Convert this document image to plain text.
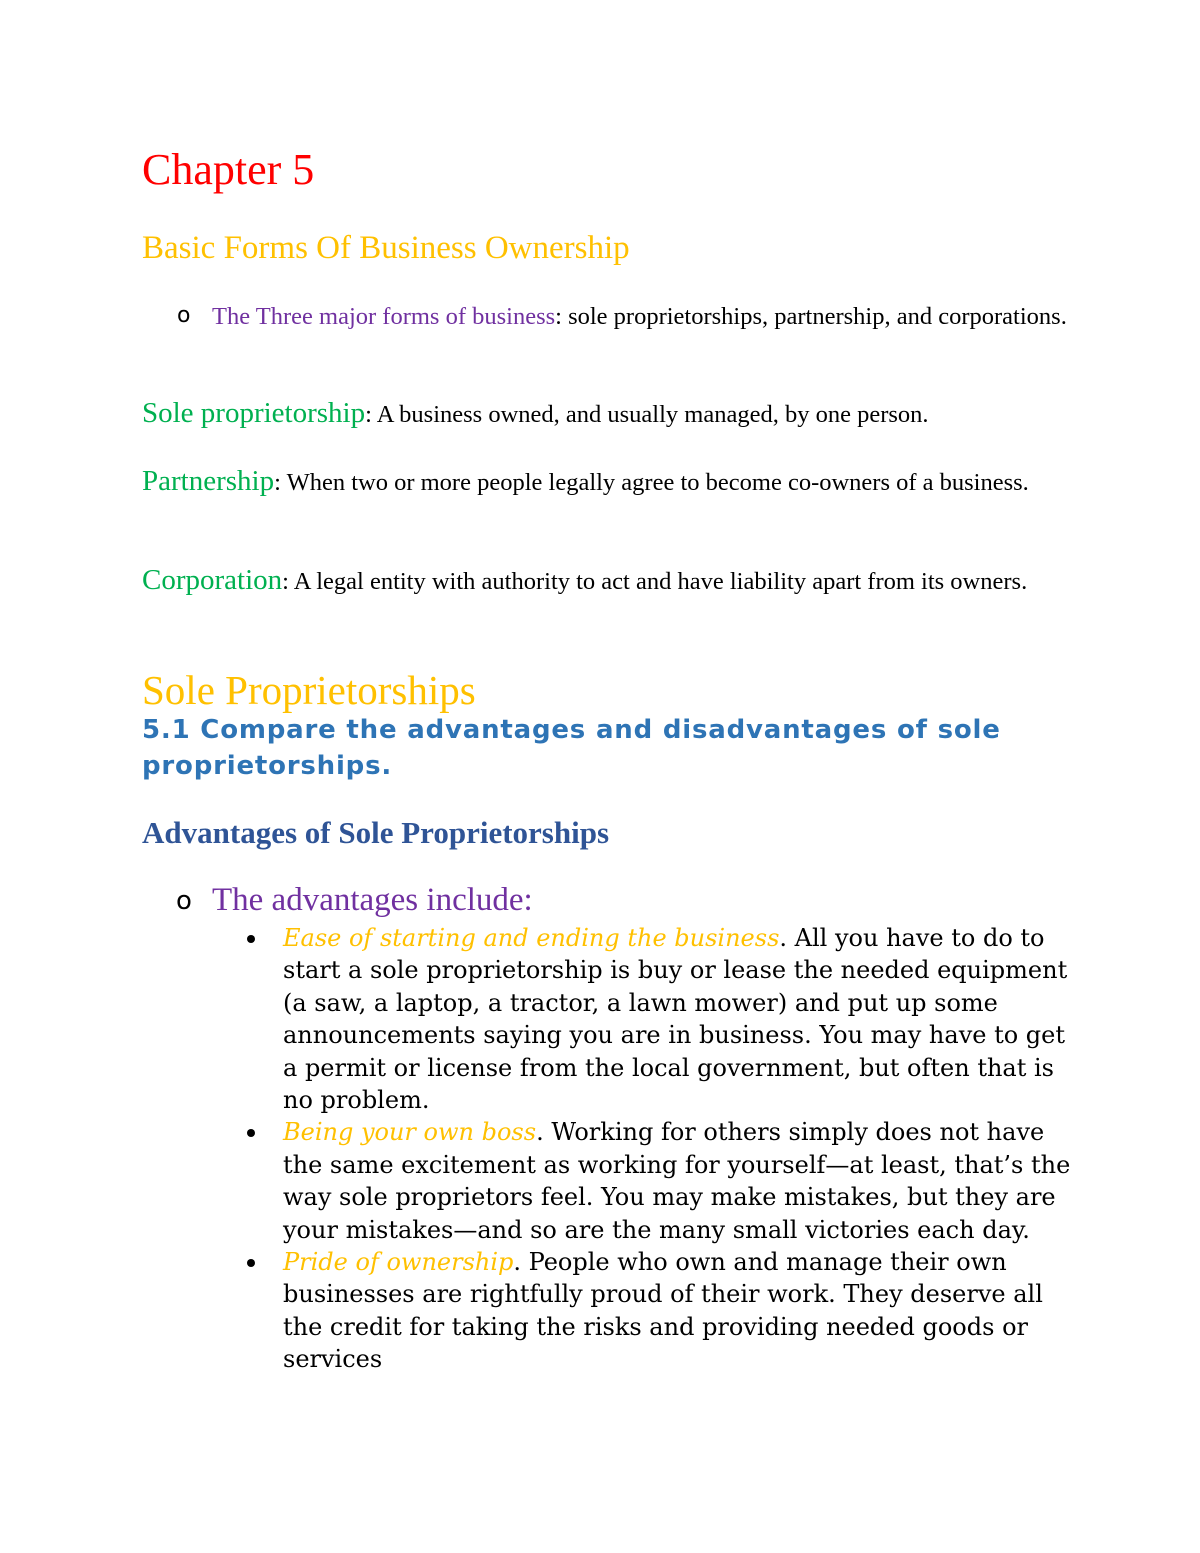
Chapter 5
Basic Forms Of Business Ownership
o The Three major forms of business: sole proprietorships, partnership, and corporations.

Sole proprietorship: A business owned, and usually managed, by one person.

Partnership: When two or more people legally agree to become co-owners of a business.

Corporation: A legal entity with authority to act and have liability apart from its owners.

Sole Proprietorships

5.1 Compare the advantages and disadvantages of sole proprietorships.

Advantages of Sole Proprietorships
o The advantages include:

Ease of starting and ending the business. All you have to do to start a sole proprietorship is buy or lease the needed equipment (a saw, a laptop, a tractor, a lawn mower) and put up some announcements saying you are in business. You may have to get a permit or license from the local government, but often that is no problem.
Being your own boss. Working for others simply does not have the same excitement as working for yourself—at least, that’s the way sole proprietors feel. You may make mistakes, but they are your mistakes—and so are the many small victories each day.
Pride of ownership. People who own and manage their own businesses are rightfully proud of their work. They deserve all the credit for taking the risks and providing needed goods or services
